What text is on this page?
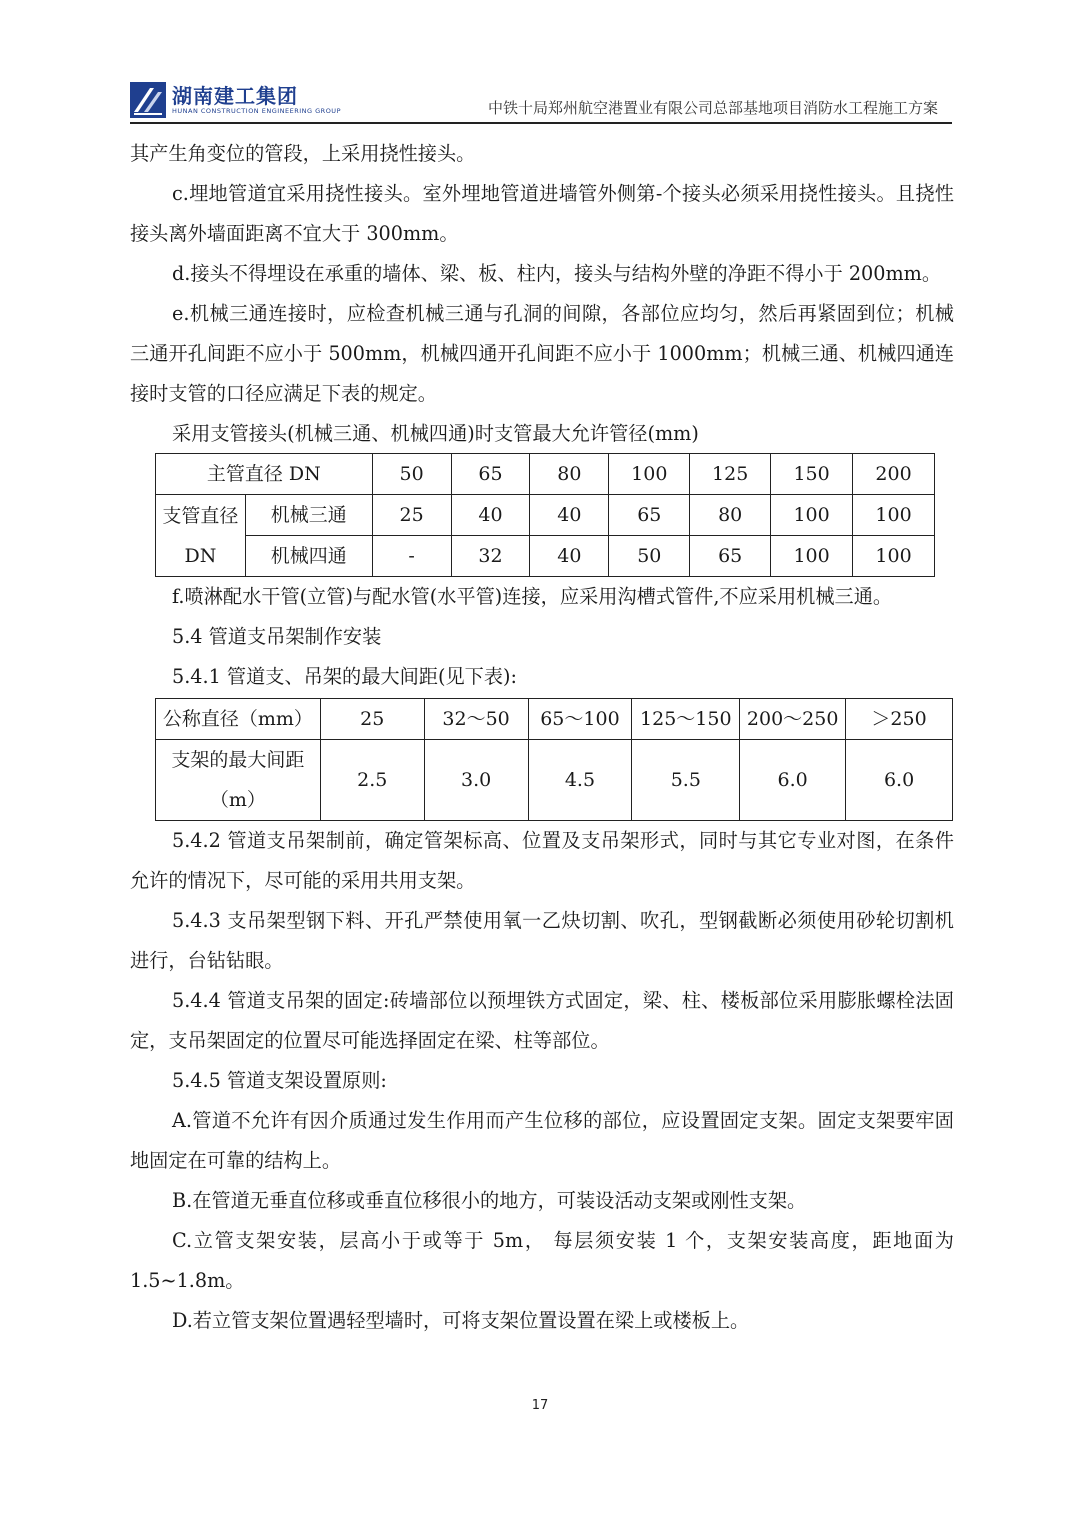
湖南建工集团
HUNAN CONSTRUCTION ENGINEERING GROUP	中铁十局郑州航空港置业有限公司总部基地项目消防水工程施工方案

其产生角变位的管段，上采用挠性接头。

c.埋地管道宜采用挠性接头。室外埋地管道进墙管外侧第-个接头必须采用挠性接头。且挠性接头离外墙面距离不宜大于 300mm。

d.接头不得埋设在承重的墙体、梁、板、柱内，接头与结构外壁的净距不得小于 200mm。

e.机械三通连接时，应检查机械三通与孔洞的间隙，各部位应均匀，然后再紧固到位；机械三通开孔间距不应小于 500mm，机械四通开孔间距不应小于 1000mm；机械三通、机械四通连接时支管的口径应满足下表的规定。

采用支管接头(机械三通、机械四通)时支管最大允许管径(mm)
主管直径 DN		50	65	80	100	125	150	200
支管直径 DN	机械三通	25	40	40	65	80	100	100
	机械四通	-	32	40	50	65	100	100

f.喷淋配水干管(立管)与配水管(水平管)连接，应采用沟槽式管件,不应采用机械三通。

5.4 管道支吊架制作安装

5.4.1 管道支、吊架的最大间距(见下表):

公称直径（mm）	25	32～50	65～100	125～150	200～250	＞250
支架的最大间距（m）	2.5	3.0	4.5	5.5	6.0	6.0

5.4.2 管道支吊架制前，确定管架标高、位置及支吊架形式，同时与其它专业对图，在条件允许的情况下，尽可能的采用共用支架。

5.4.3 支吊架型钢下料、开孔严禁使用氧一乙炔切割、吹孔，型钢截断必须使用砂轮切割机进行，台钻钻眼。

5.4.4 管道支吊架的固定:砖墙部位以预埋铁方式固定，梁、柱、楼板部位采用膨胀螺栓法固定，支吊架固定的位置尽可能选择固定在梁、柱等部位。

5.4.5 管道支架设置原则:

A.管道不允许有因介质通过发生作用而产生位移的部位，应设置固定支架。固定支架要牢固地固定在可靠的结构上。

B.在管道无垂直位移或垂直位移很小的地方，可装设活动支架或刚性支架。

C.立管支架安装，层高小于或等于 5m， 每层须安装 1 个，支架安装高度，距地面为 1.5~1.8m。

D.若立管支架位置遇轻型墙时，可将支架位置设置在梁上或楼板上。

17
